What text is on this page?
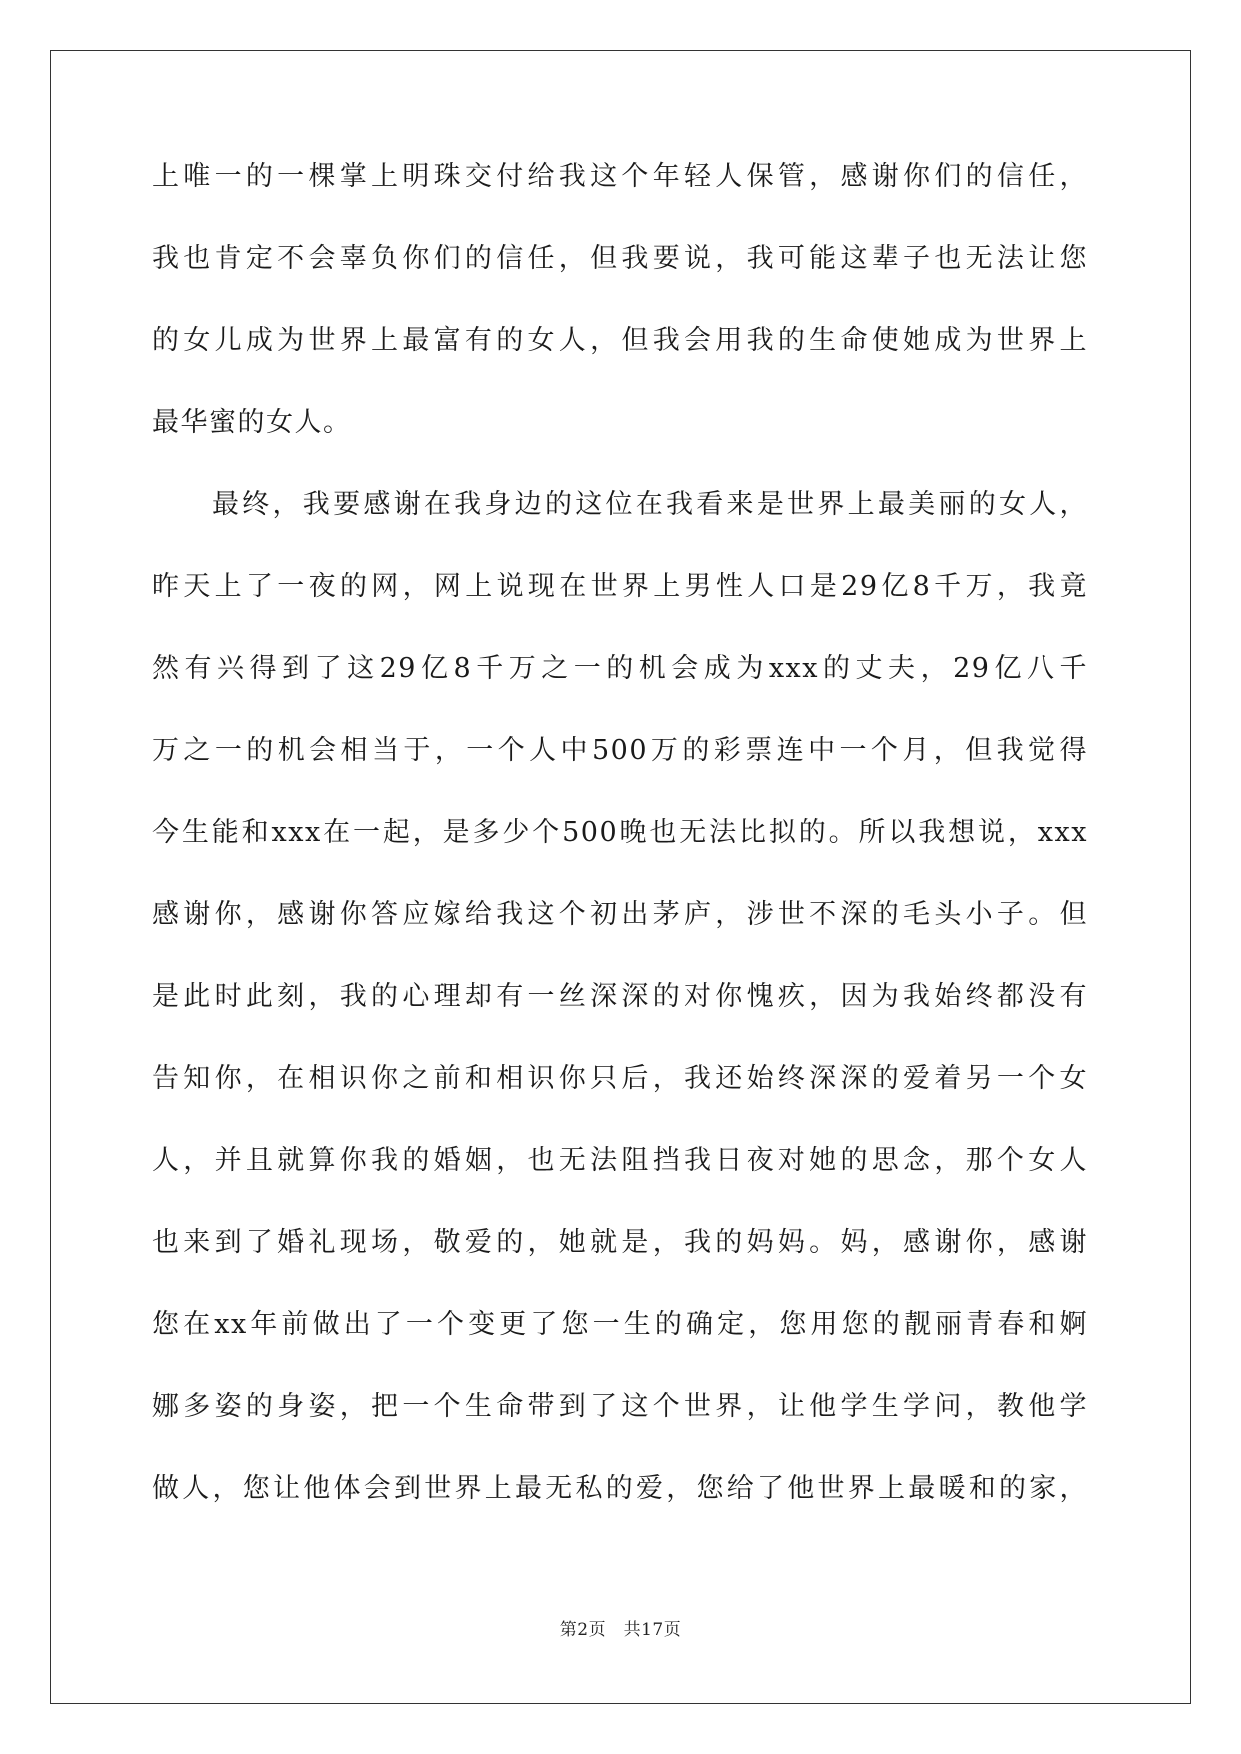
上唯一的一棵掌上明珠交付给我这个年轻人保管，感谢你们的信任，
我也肯定不会辜负你们的信任，但我要说，我可能这辈子也无法让您
的女儿成为世界上最富有的女人，但我会用我的生命使她成为世界上
最华蜜的女人。
最终，我要感谢在我身边的这位在我看来是世界上最美丽的女人，
昨天上了一夜的网，网上说现在世界上男性人口是29亿8千万，我竟
然有兴得到了这29亿8千万之一的机会成为xxx的丈夫，29亿八千
万之一的机会相当于，一个人中500万的彩票连中一个月，但我觉得
今生能和xxx在一起，是多少个500晚也无法比拟的。所以我想说，xxx
感谢你，感谢你答应嫁给我这个初出茅庐，涉世不深的毛头小子。但
是此时此刻，我的心理却有一丝深深的对你愧疚，因为我始终都没有
告知你，在相识你之前和相识你只后，我还始终深深的爱着另一个女
人，并且就算你我的婚姻，也无法阻挡我日夜对她的思念，那个女人
也来到了婚礼现场，敬爱的，她就是，我的妈妈。妈，感谢你，感谢
您在xx年前做出了一个变更了您一生的确定，您用您的靓丽青春和婀
娜多姿的身姿，把一个生命带到了这个世界，让他学生学问，教他学
做人，您让他体会到世界上最无私的爱，您给了他世界上最暖和的家，
第2页　共17页
